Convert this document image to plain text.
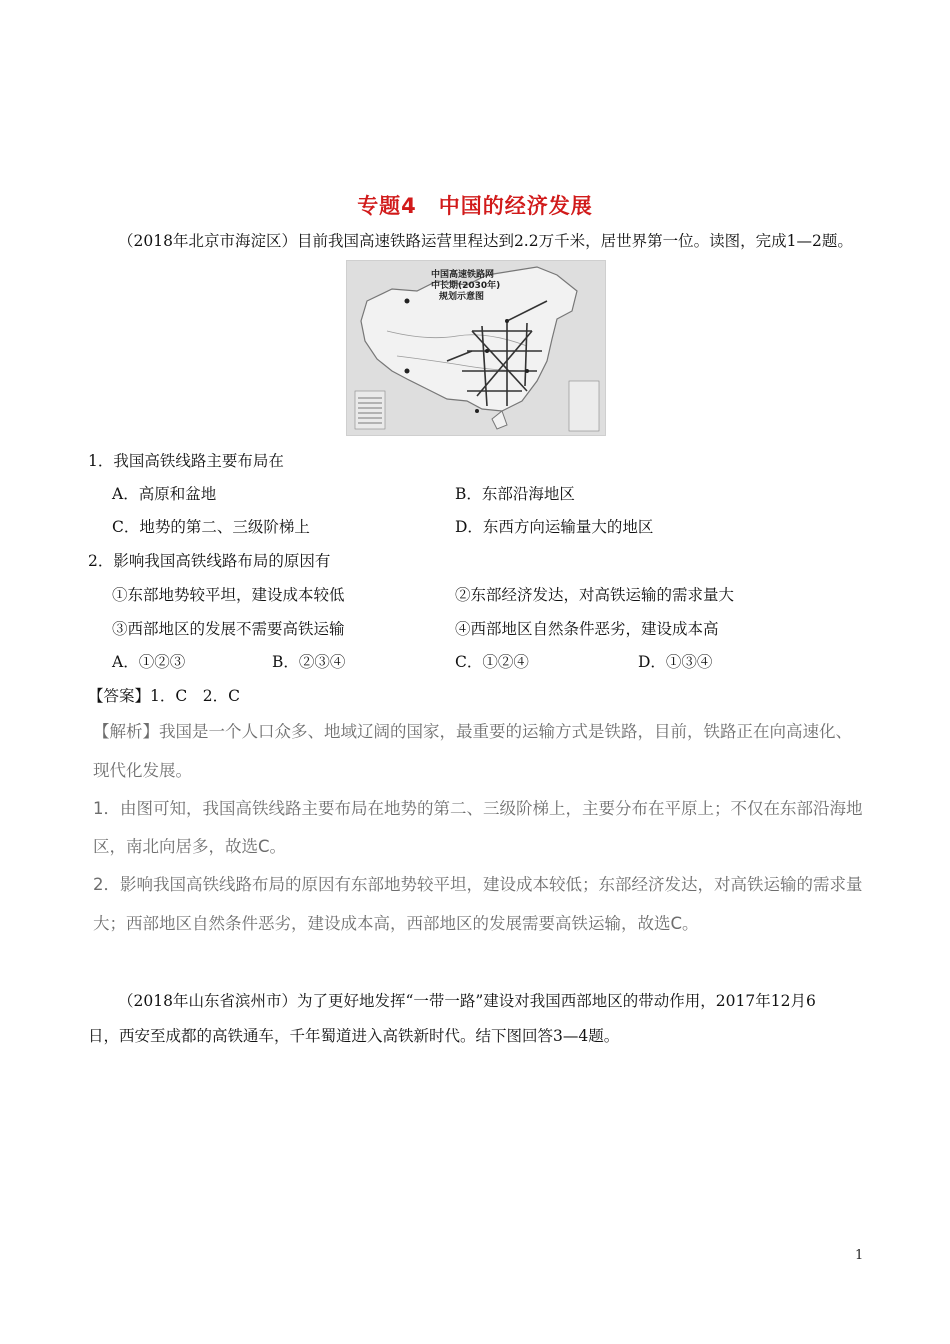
专题4　中国的经济发展
（2018年北京市海淀区）目前我国高速铁路运营里程达到2.2万千米，居世界第一位。读图，完成1—2题。
中国高速铁路网
中长期(2030年)
规划示意图
1．我国高铁线路主要布局在
A．高原和盆地	B．东部沿海地区
C．地势的第二、三级阶梯上	D．东西方向运输量大的地区
2．影响我国高铁线路布局的原因有
①东部地势较平坦，建设成本较低	②东部经济发达，对高铁运输的需求量大
③西部地区的发展不需要高铁运输	④西部地区自然条件恶劣，建设成本高
A．①②③	B．②③④	C．①②④	D．①③④
【答案】1．C　2．C
【解析】我国是一个人口众多、地域辽阔的国家，最重要的运输方式是铁路，目前，铁路正在向高速化、
现代化发展。
1．由图可知，我国高铁线路主要布局在地势的第二、三级阶梯上，主要分布在平原上；不仅在东部沿海地
区，南北向居多，故选C。
2．影响我国高铁线路布局的原因有东部地势较平坦，建设成本较低；东部经济发达，对高铁运输的需求量
大；西部地区自然条件恶劣，建设成本高，西部地区的发展需要高铁运输，故选C。
（2018年山东省滨州市）为了更好地发挥“一带一路”建设对我国西部地区的带动作用，2017年12月6
日，西安至成都的高铁通车，千年蜀道进入高铁新时代。结下图回答3—4题。
1
